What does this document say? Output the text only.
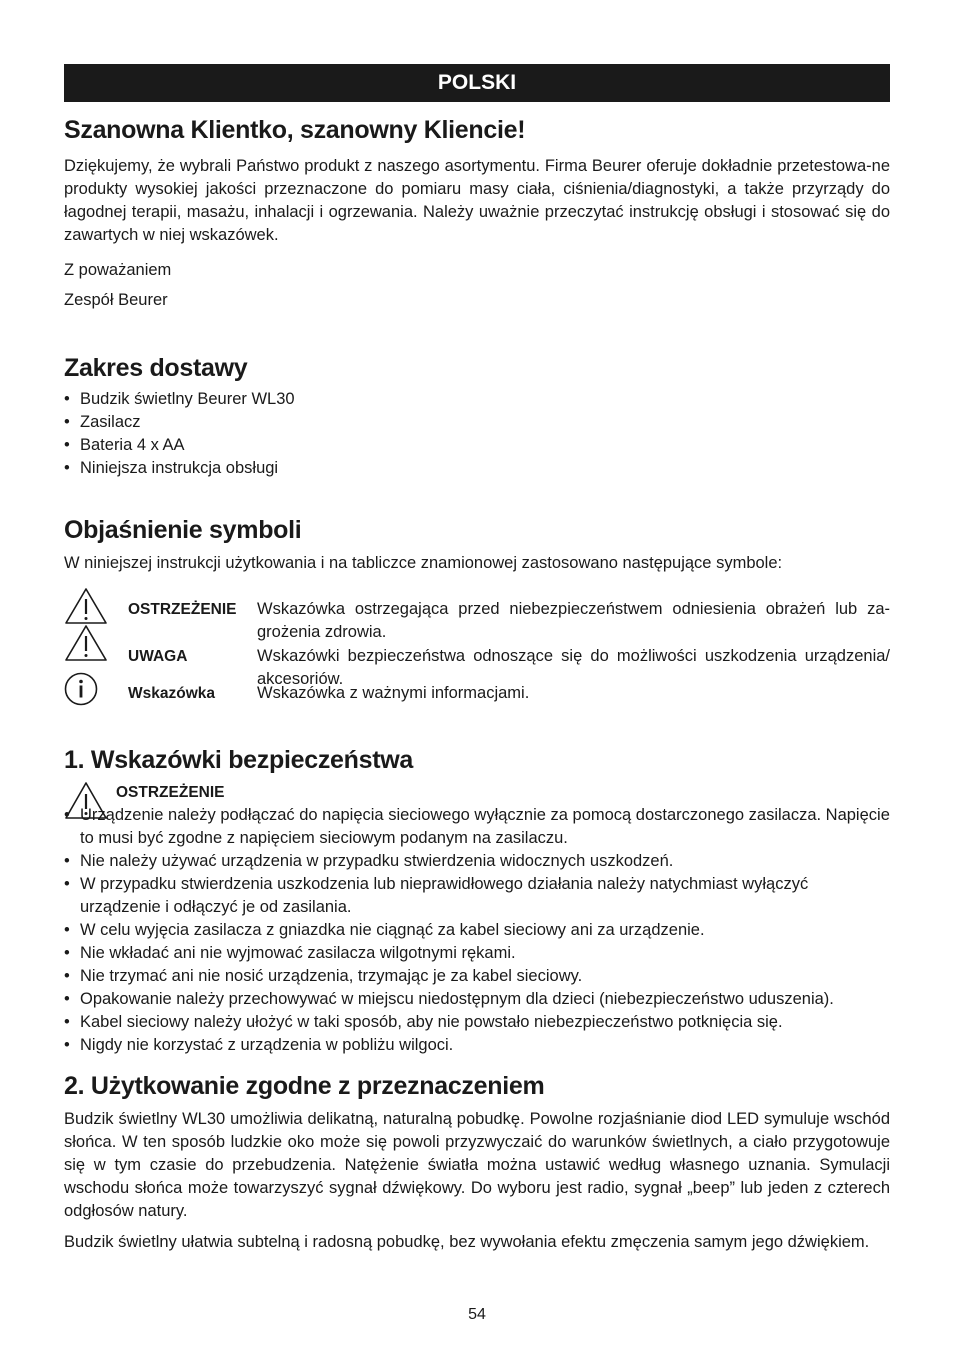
POLSKI
Szanowna Klientko, szanowny Kliencie!

Dziękujemy, że wybrali Państwo produkt z naszego asortymentu. Firma Beurer oferuje dokładnie przetestowa-ne produkty wysokiej jakości przeznaczone do pomiaru masy ciała, ciśnienia/diagnostyki, a także przyrządy do łagodnej terapii, masażu, inhalacji i ogrzewania. Należy uważnie przeczytać instrukcję obsługi i stosować się do zawartych w niej wskazówek.

Z poważaniem
Zespół Beurer
Zakres dostawy
• Budzik świetlny Beurer WL30
• Zasilacz
• Bateria 4 x AA
• Niniejsza instrukcja obsługi
Objaśnienie symboli
W niniejszej instrukcji użytkowania i na tabliczce znamionowej zastosowano następujące symbole:
OSTRZEŻENIE Wskazówka ostrzegająca przed niebezpieczeństwem odniesienia obrażeń lub za-grożenia zdrowia.
UWAGA	Wskazówki bezpieczeństwa odnoszące się do możliwości uszkodzenia urządzenia/ akcesoriów.
Wskazówka	Wskazówka z ważnymi informacjami.
1. Wskazówki bezpieczeństwa
OSTRZEŻENIE
• Urządzenie należy podłączać do napięcia sieciowego wyłącznie za pomocą dostarczonego zasilacza. Napięcie to musi być zgodne z napięciem sieciowym podanym na zasilaczu.
• Nie należy używać urządzenia w przypadku stwierdzenia widocznych uszkodzeń.
• W przypadku stwierdzenia uszkodzenia lub nieprawidłowego działania należy natychmiast wyłączyć urządzenie i odłączyć je od zasilania.
• W celu wyjęcia zasilacza z gniazdka nie ciągnąć za kabel sieciowy ani za urządzenie.
• Nie wkładać ani nie wyjmować zasilacza wilgotnymi rękami.
• Nie trzymać ani nie nosić urządzenia, trzymając je za kabel sieciowy.
• Opakowanie należy przechowywać w miejscu niedostępnym dla dzieci (niebezpieczeństwo uduszenia).
• Kabel sieciowy należy ułożyć w taki sposób, aby nie powstało niebezpieczeństwo potknięcia się.
• Nigdy nie korzystać z urządzenia w pobliżu wilgoci.
2. Użytkowanie zgodne z przeznaczeniem

Budzik świetlny WL30 umożliwia delikatną, naturalną pobudkę. Powolne rozjaśnianie diod LED symuluje wschód słońca. W ten sposób ludzkie oko może się powoli przyzwyczaić do warunków świetlnych, a ciało przygotowuje się w tym czasie do przebudzenia. Natężenie światła można ustawić według własnego uznania. Symulacji wschodu słońca może towarzyszyć sygnał dźwiękowy. Do wyboru jest radio, sygnał „beep” lub jeden z czterech odgłosów natury.

Budzik świetlny ułatwia subtelną i radosną pobudkę, bez wywołania efektu zmęczenia samym jego dźwiękiem.

54
